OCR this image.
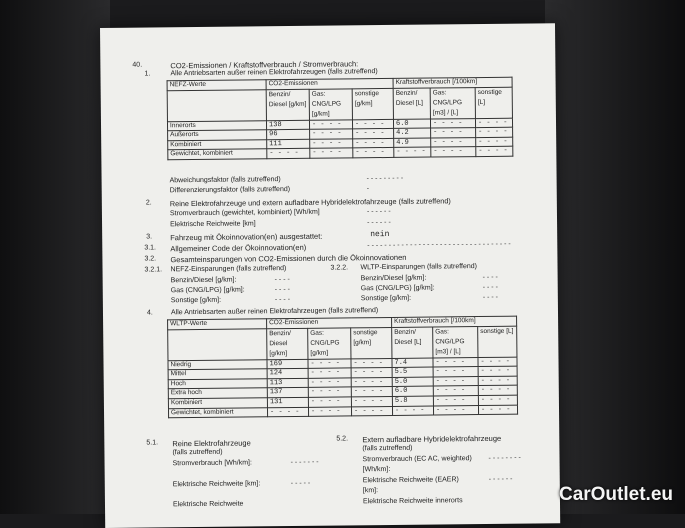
40.	CO2-Emissionen / Kraftstoffverbrauch / Stromverbrauch:
1.	Alle Antriebsarten außer reinen Elektrofahrzeugen (falls zutreffend)
NEFZ-Werte	CO2-Emissionen			Kraftstoffverbrauch [/100km]		
	Benzin/ Diesel [g/km]	Gas: CNG/LPG [g/km]	sonstige [g/km]	Benzin/ Diesel [L]	Gas: CNG/LPG [m3] / [L]	sonstige [L]
Innerorts	138	- - - -	- - - -	6.0	- - - -	- - - -
Außerorts	96	- - - -	- - - -	4.2	- - - -	- - - -
Kombiniert	111	- - - -	- - - -	4.9	- - - -	- - - -
Gewichtet, kombiniert	- - - -	- - - -	- - - -	- - - -	- - - -	- - - -
Abweichungsfaktor (falls zutreffend)	- - - - - - - - -
Differenzierungsfaktor (falls zutreffend)	-
2. Reine Elektrofahrzeuge und extern aufladbare Hybridelektrofahrzeuge (falls zutreffend)
Stromverbrauch (gewichtet, kombiniert) [Wh/km]	- - - - - -
Elektrische Reichweite [km]	- - - - - -
3. Fahrzeug mit Ökoinnovation(en) ausgestattet:	nein
3.1. Allgemeiner Code der Ökoinnovation(en)	- - - - - - - - - - - - - - - - - - - - - - - - - - - - - - - - - -
3.2. Gesamteinsparungen von CO2-Emissionen durch die Ökoinnovationen
3.2.1. NEFZ-Einsparungen (falls zutreffend)	3.2.2. WLTP-Einsparungen (falls zutreffend)
Benzin/Diesel [g/km]:	- - - -
Gas (CNG/LPG) [g/km]:	- - - -
Sonstige [g/km]:	- - - -
Benzin/Diesel [g/km]:	- - - -
Gas (CNG/LPG) [g/km]:	- - - -
Sonstige [g/km]:	- - - -
4.	Alle Antriebsarten außer reinen Elektrofahrzeugen (falls zutreffend)
WLTP-Werte	CO2-Emissionen			Kraftstoffverbrauch [/100km]		
	Benzin/ Diesel [g/km]	Gas: CNG/LPG [g/km]	sonstige [g/km]	Benzin/ Diesel [L]	Gas: CNG/LPG [m3] / [L]	sonstige [L]
Niedrig	169	- - - -	- - - -	7.4	- - - -	- - - -
Mittel	124	- - - -	- - - -	5.5	- - - -	- - - -
Hoch	113	- - - -	- - - -	5.0	- - - -	- - - -
Extra hoch	137	- - - -	- - - -	6.0	- - - -	- - - -
Kombiniert	131	- - - -	- - - -	5.8	- - - -	- - - -
Gewichtet, kombiniert	- - - -	- - - -	- - - -	- - - -	- - - -	- - - -
5.1. Reine Elektrofahrzeuge
(falls zutreffend)
Stromverbrauch [Wh/km]:	- - - - - - -
Elektrische Reichweite [km]:	- - - - -
Elektrische Reichweite
5.2. Extern aufladbare Hybridelektrofahrzeuge
(falls zutreffend)
Stromverbrauch (EC AC, weighted) - - - - - - - -
[Wh/km]:
Elektrische Reichweite (EAER)	- - - - - -
[km]:
Elektrische Reichweite innerorts	CarOutlet.eu
